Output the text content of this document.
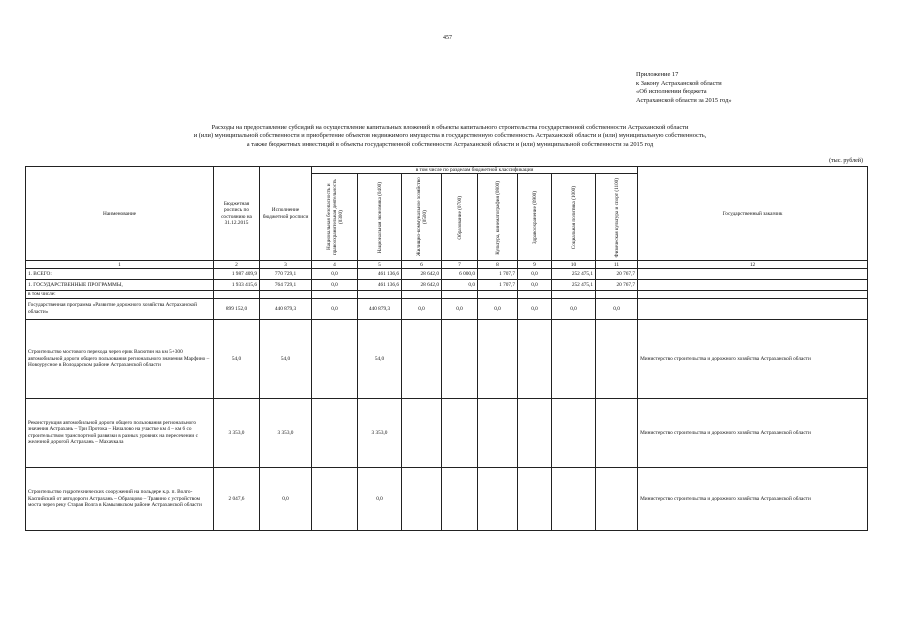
457
Приложение 17
к Закону Астраханской области
«Об исполнении бюджета
Астраханской области за 2015 год»
Расходы на предоставление субсидий на осуществление капитальных вложений в объекты капитального строительства государственной собственности Астраханской области
и (или) муниципальной собственности и приобретение объектов недвижимого имущества в государственную собственность Астраханской области и (или) муниципальную собственность,
а также бюджетных инвестиций в объекты государственной собственности Астраханской области и (или) муниципальной собственности за 2015 год
(тыс. рублей)
Наименование	Бюджетная роспись по состоянию на 31.12.2015	Исполнение бюджетной росписи	в том числе по разделам бюджетной классификации								Государственный заказчик

			Национальная безопасность и правоохранительная деятельность (0300)	Национальная экономика (0400)	Жилищно-коммунальное хозяйство (0500)	Образование (0700)	Культура, кинематография (0800)	Здравоохранение (0900)	Социальная политика (1000)	Физическая культура и спорт (1100)	

1	2	3	4	5	6	7	8	9	10	11	12
1. ВСЕГО:	1 987 409,9	770 729,1	0,0	461 136,6	28 642,0	6 000,0	1 707,7	0,0	252 475,1	20 767,7	
1. ГОСУДАРСТВЕННЫЕ ПРОГРАММЫ,	1 933 415,6	764 729,1	0,0	461 136,6	28 642,0	0,0	1 707,7	0,0	252 475,1	20 767,7	
в том числе:											
Государственная программа «Развитие дорожного хозяйства Астраханской области»	899 152,0	440 879,3	0,0	440 879,3	0,0	0,0	0,0	0,0	0,0	0,0	
Строительство мостового перехода через ерик Васютин на км 5+300 автомобильной дороги общего пользования регионального значения Марфино – Новоурусное в Володарском районе Астраханской области	54,0	54,0		54,0							Министерство строительства и дорожного хозяйства Астраханской области
Реконструкция автомобильной дороги общего пользования регионального значения Астрахань – Три Протока – Началово на участке км 4 – км 6 со строительством транспортной развязки в разных уровнях на пересечении с железной дорогой Астрахань – Махачкала	3 353,0	3 353,0		3 353,0							Министерство строительства и дорожного хозяйства Астраханской области
Строительство гидротехнических сооружений на польдере к.р. п. Волго-Каспийский от автодороги Астрахань – Образцово – Травино с устройством моста через реку Старая Волга в Камызякском районе Астраханской области	2 047,6	0,0		0,0							Министерство строительства и дорожного хозяйства Астраханской области
